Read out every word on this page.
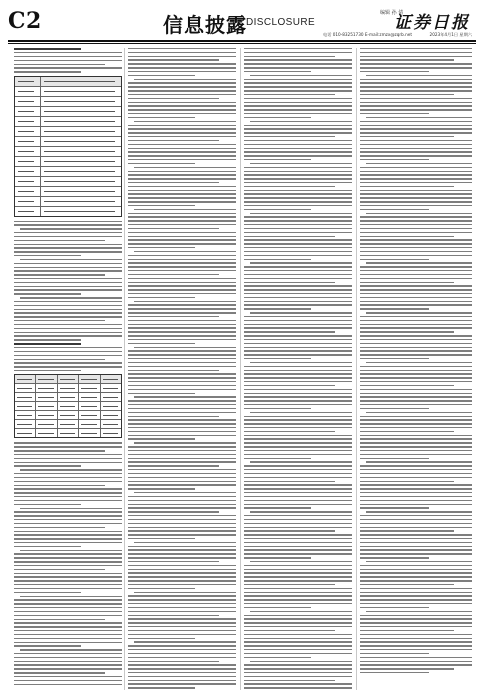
C2	信息披露 DISCLOSURE
编辑 孙 倩
证券日报
电话 010-83251730 E-mail:zmzx@zqrb.net	2023年4月1日 星期六
